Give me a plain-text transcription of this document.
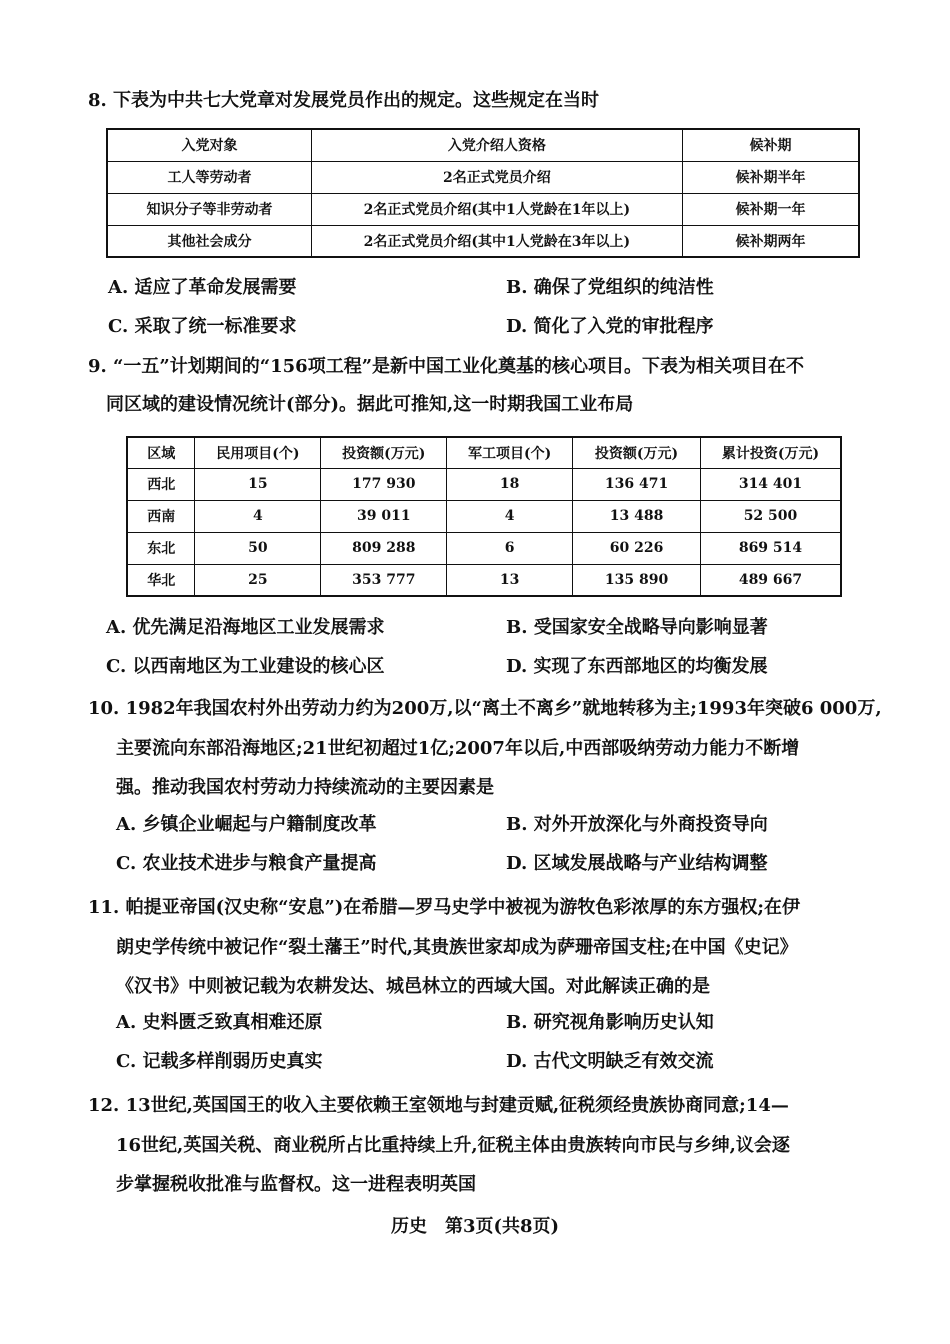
8. 下表为中共七大党章对发展党员作出的规定。这些规定在当时
入党对象	入党介绍人资格	候补期
工人等劳动者	2名正式党员介绍	候补期半年
知识分子等非劳动者	2名正式党员介绍(其中1人党龄在1年以上)	候补期一年
其他社会成分	2名正式党员介绍(其中1人党龄在3年以上)	候补期两年
A. 适应了革命发展需要	B. 确保了党组织的纯洁性
C. 采取了统一标准要求	D. 简化了入党的审批程序
9. “一五”计划期间的“156项工程”是新中国工业化奠基的核心项目。下表为相关项目在不
同区域的建设情况统计(部分)。据此可推知,这一时期我国工业布局
区域	民用项目(个)	投资额(万元)	军工项目(个)	投资额(万元)	累计投资(万元)
西北	15	177 930	18	136 471	314 401
西南	4	39 011	4	13 488	52 500
东北	50	809 288	6	60 226	869 514
华北	25	353 777	13	135 890	489 667
A. 优先满足沿海地区工业发展需求	B. 受国家安全战略导向影响显著
C. 以西南地区为工业建设的核心区	D. 实现了东西部地区的均衡发展
10. 1982年我国农村外出劳动力约为200万,以“离土不离乡”就地转移为主;1993年突破6 000万,
主要流向东部沿海地区;21世纪初超过1亿;2007年以后,中西部吸纳劳动力能力不断增
强。推动我国农村劳动力持续流动的主要因素是
A. 乡镇企业崛起与户籍制度改革	B. 对外开放深化与外商投资导向
C. 农业技术进步与粮食产量提高	D. 区域发展战略与产业结构调整
11. 帕提亚帝国(汉史称“安息”)在希腊—罗马史学中被视为游牧色彩浓厚的东方强权;在伊
朗史学传统中被记作“裂土藩王”时代,其贵族世家却成为萨珊帝国支柱;在中国《史记》
《汉书》中则被记载为农耕发达、城邑林立的西域大国。对此解读正确的是
A. 史料匮乏致真相难还原	B. 研究视角影响历史认知
C. 记载多样削弱历史真实	D. 古代文明缺乏有效交流
12. 13世纪,英国国王的收入主要依赖王室领地与封建贡赋,征税须经贵族协商同意;14—
16世纪,英国关税、商业税所占比重持续上升,征税主体由贵族转向市民与乡绅,议会逐
步掌握税收批准与监督权。这一进程表明英国
历史　第3页(共8页)
